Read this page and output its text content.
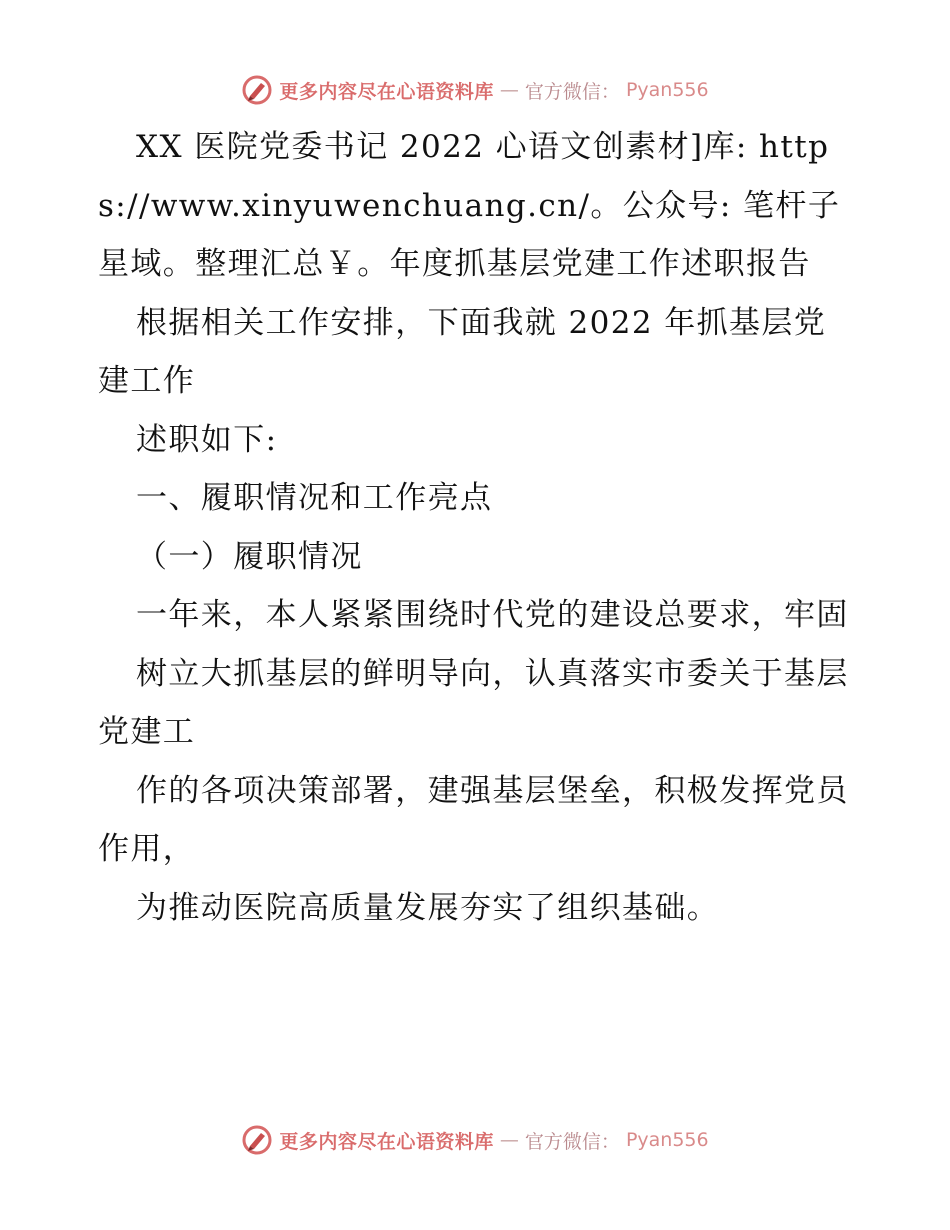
更多内容尽在心语资料库 — 官方微信： Pyan556

XX 医院党委书记 2022 心语文创素材]库: https://www.xinyuwenchuang.cn/。公众号: 笔杆子星域。整理汇总￥。年度抓基层党建工作述职报告

根据相关工作安排，下面我就 2022 年抓基层党建工作

述职如下:

一、履职情况和工作亮点

（一）履职情况

一年来，本人紧紧围绕时代党的建设总要求，牢固

树立大抓基层的鲜明导向，认真落实市委关于基层党建工

作的各项决策部署，建强基层堡垒，积极发挥党员作用，

为推动医院高质量发展夯实了组织基础。

更多内容尽在心语资料库 — 官方微信： Pyan556
